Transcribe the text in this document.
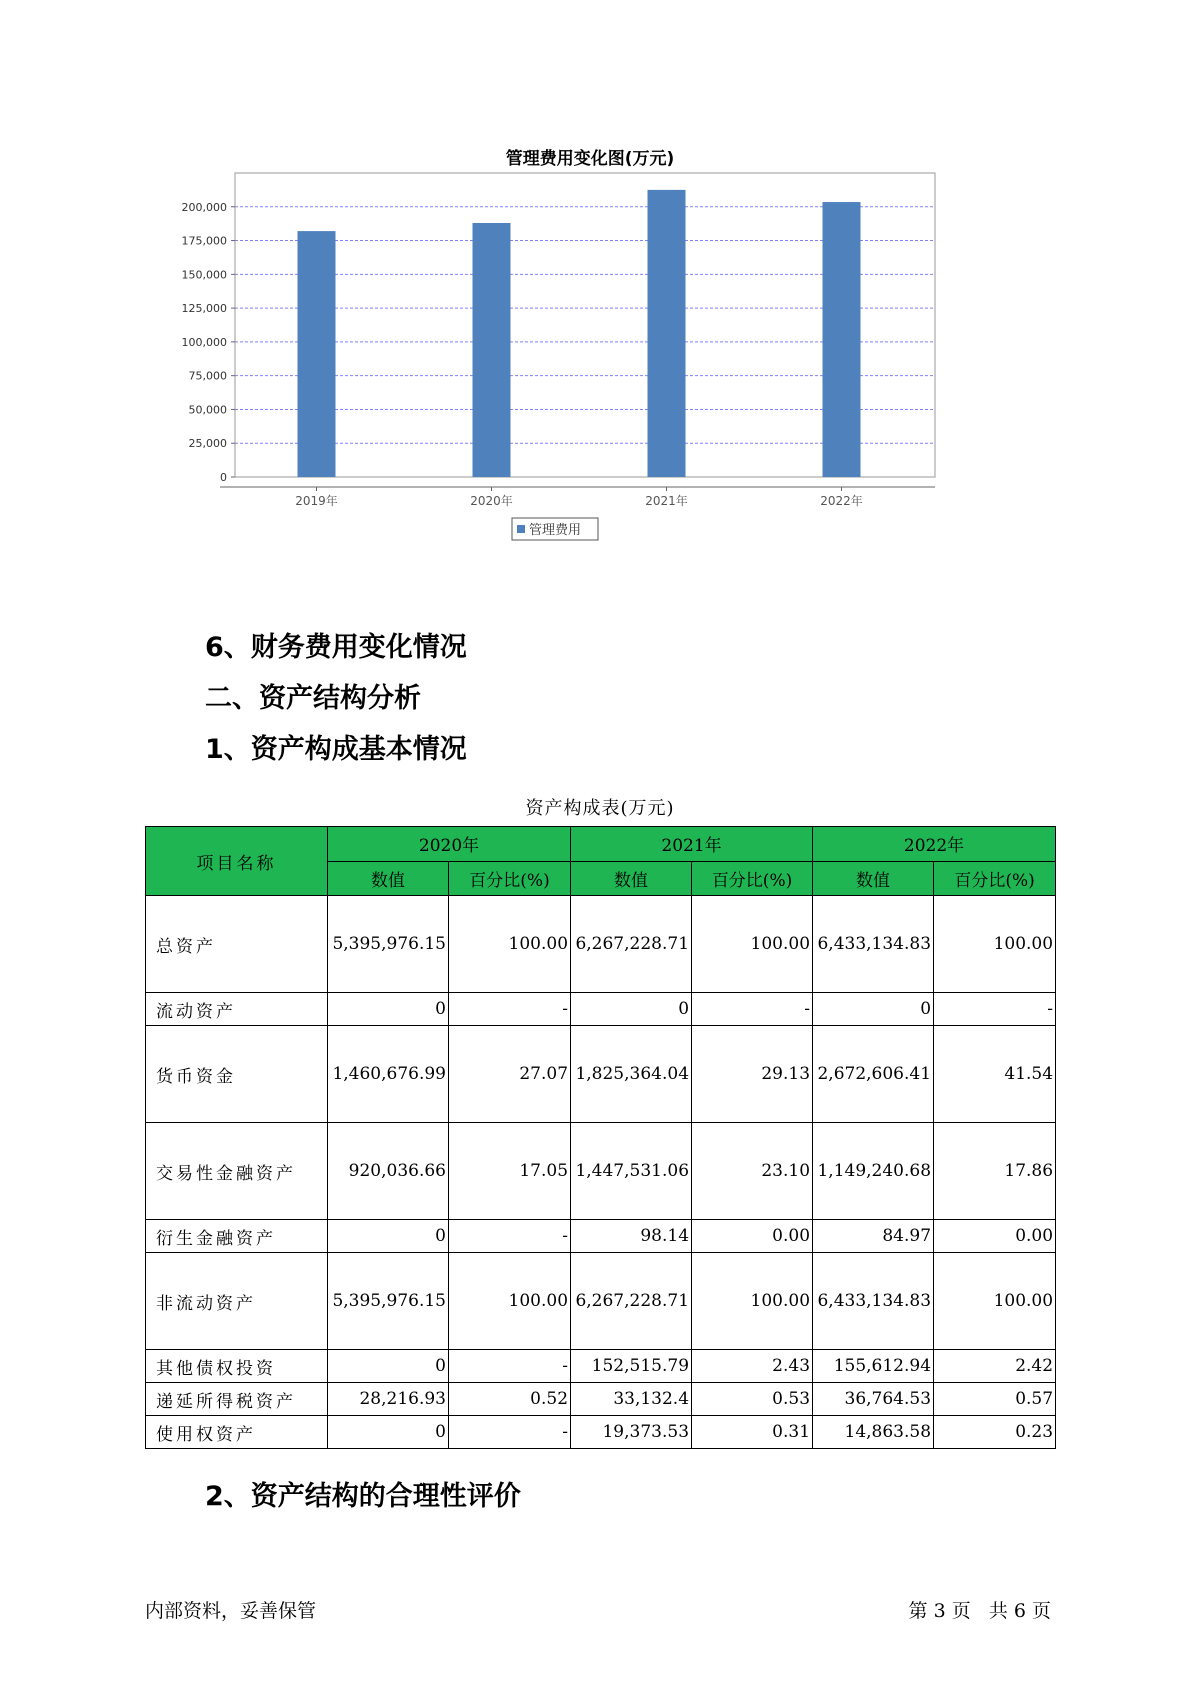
管理费用变化图(万元)
0
25,000
50,000
75,000
100,000
125,000
150,000
175,000
200,000
2019年	2020年	2021年	2022年
管理费用
6、财务费用变化情况
二、资产结构分析
1、资产构成基本情况
资产构成表(万元)
项目名称	2020年		2021年		2022年	
	数值	百分比(%)	数值	百分比(%)	数值	百分比(%)
总资产	5,395,976.15	100.00	6,267,228.71	100.00	6,433,134.83	100.00
流动资产	0	-	0	-	0	-
货币资金	1,460,676.99	27.07	1,825,364.04	29.13	2,672,606.41	41.54
交易性金融资产	920,036.66	17.05	1,447,531.06	23.10	1,149,240.68	17.86
衍生金融资产	0	-	98.14	0.00	84.97	0.00
非流动资产	5,395,976.15	100.00	6,267,228.71	100.00	6,433,134.83	100.00
其他债权投资	0	-	152,515.79	2.43	155,612.94	2.42
递延所得税资产	28,216.93	0.52	33,132.4	0.53	36,764.53	0.57
使用权资产	0	-	19,373.53	0.31	14,863.58	0.23
2、资产结构的合理性评价
内部资料，妥善保管	第 3 页   共 6 页
